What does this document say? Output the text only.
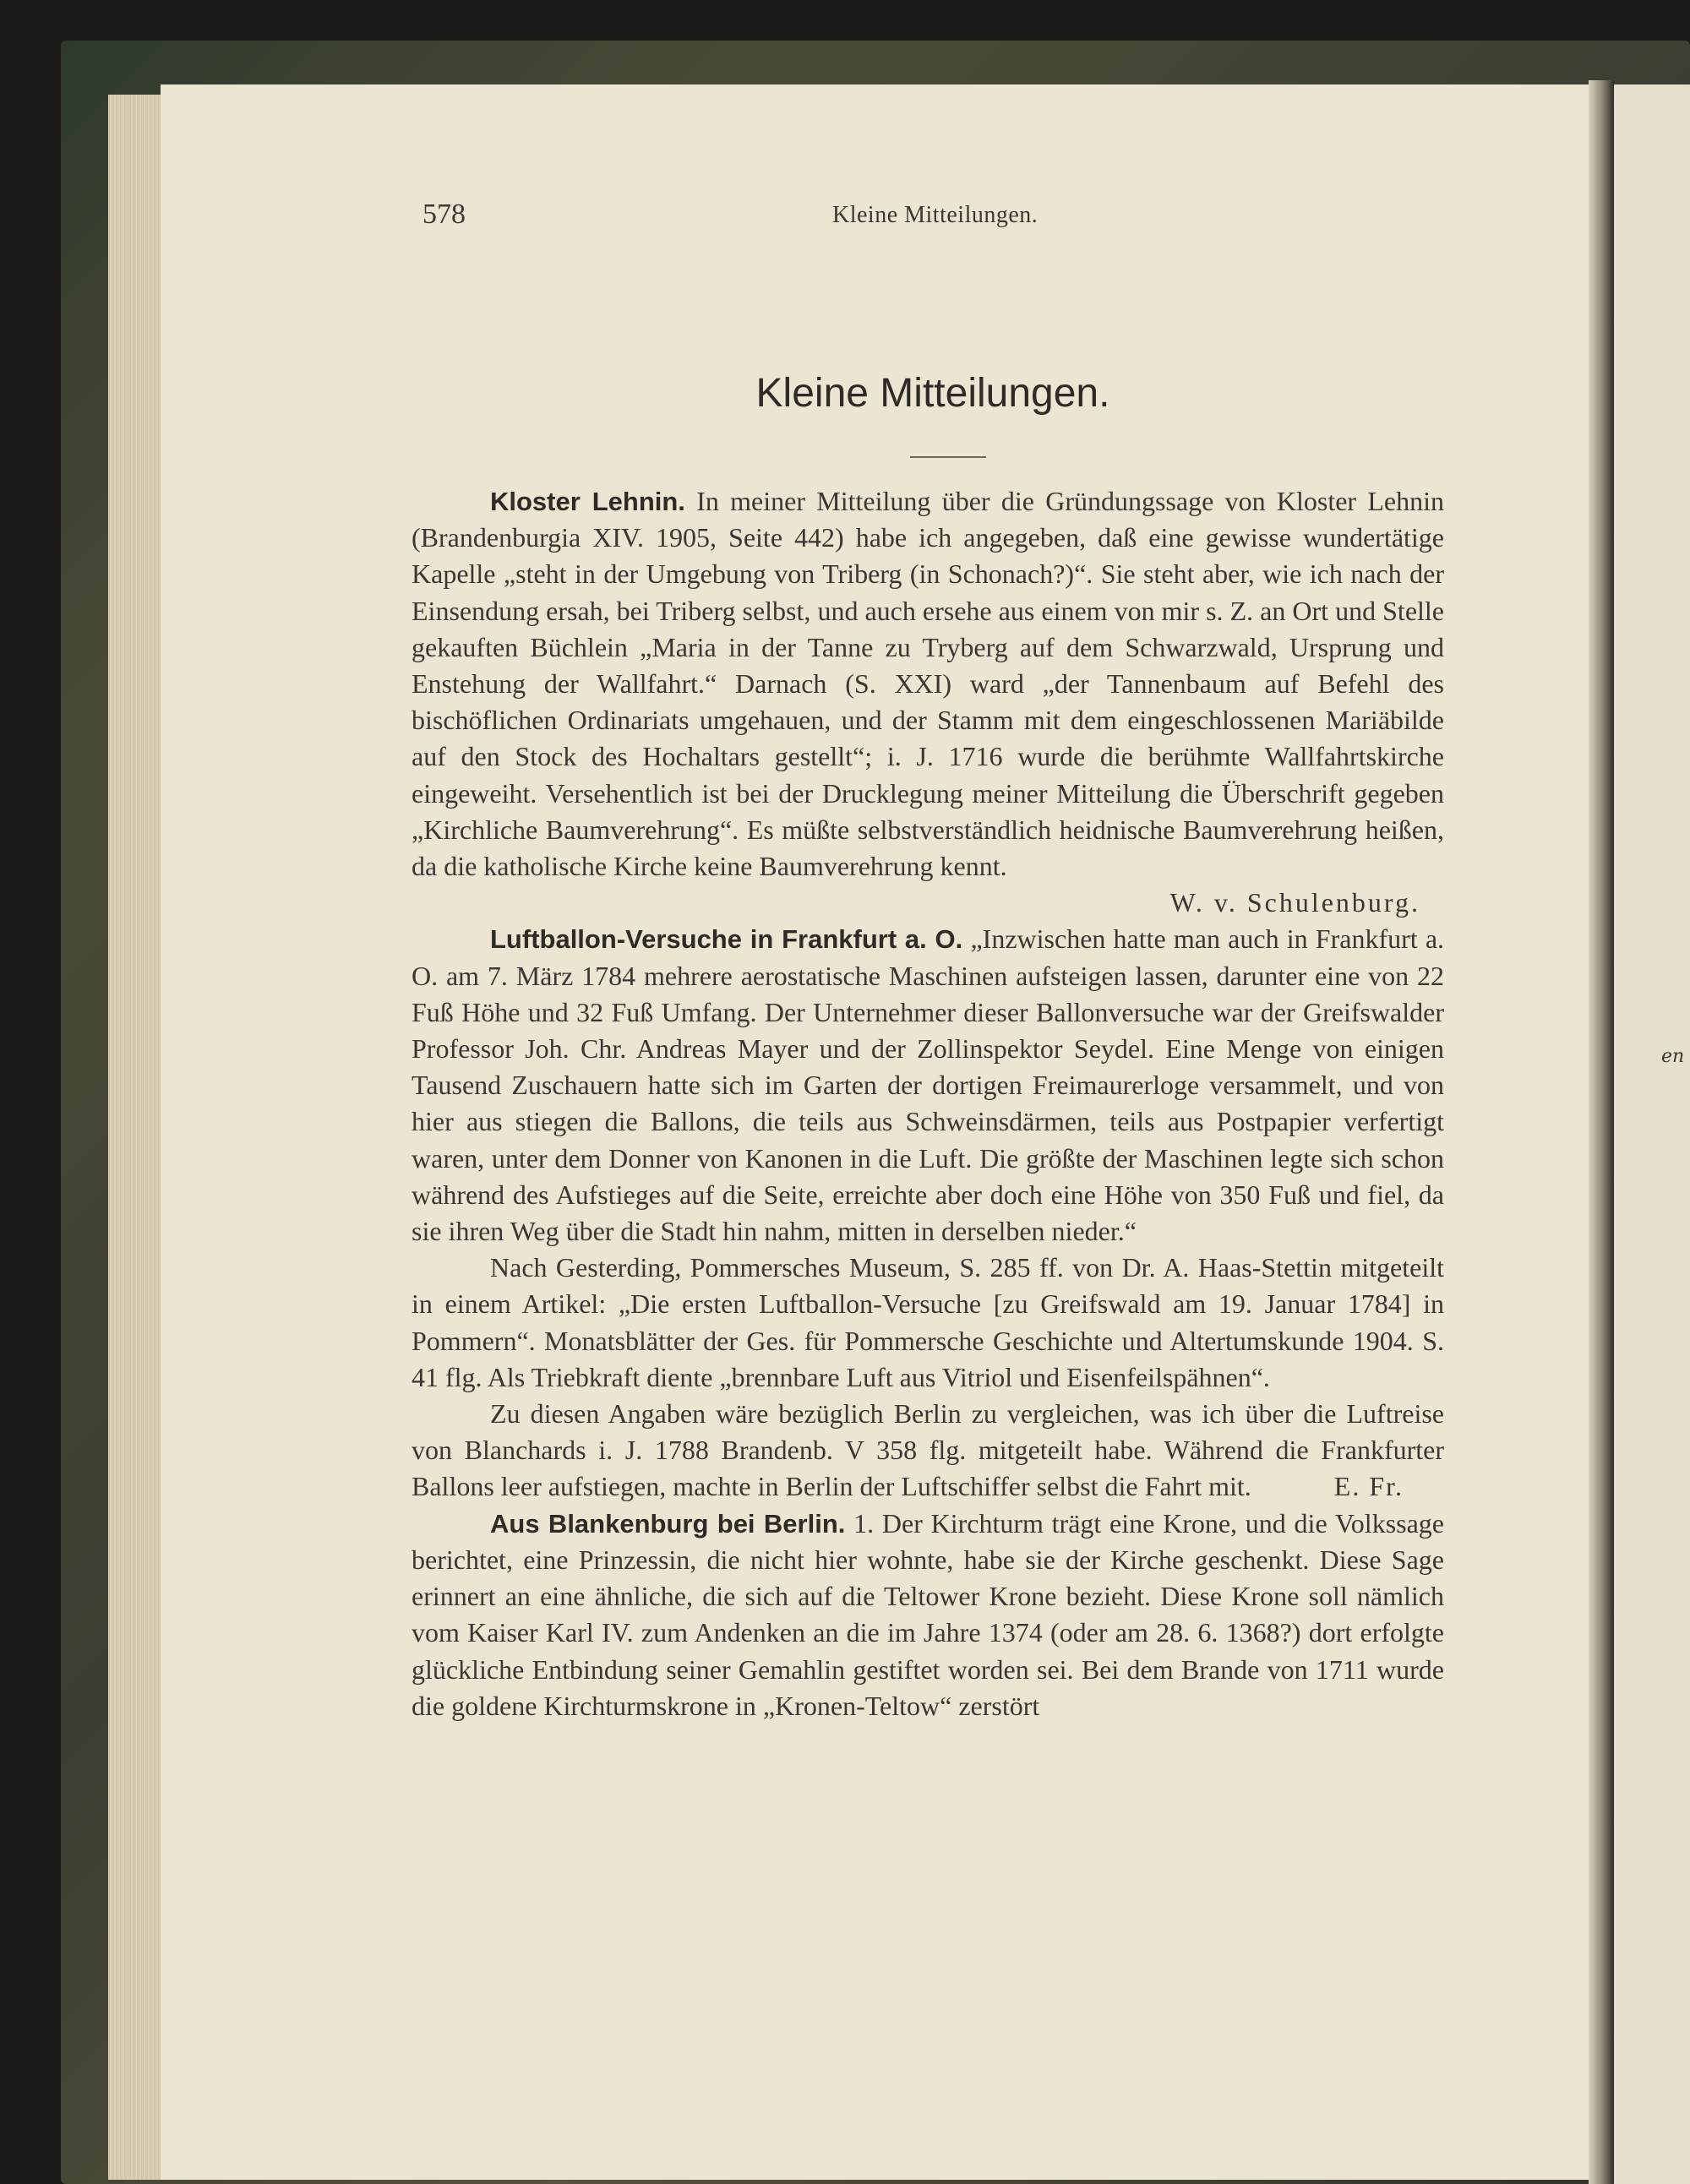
en
578	Kleine Mitteilungen.
Kleine Mitteilungen.

Kloster Lehnin. In meiner Mitteilung über die Gründungssage von Kloster Lehnin (Brandenburgia XIV. 1905, Seite 442) habe ich angegeben, daß eine gewisse wundertätige Kapelle „steht in der Umgebung von Triberg (in Schonach?)“. Sie steht aber, wie ich nach der Einsendung ersah, bei Triberg selbst, und auch ersehe aus einem von mir s. Z. an Ort und Stelle gekauften Büchlein „Maria in der Tanne zu Tryberg auf dem Schwarzwald, Ursprung und Enstehung der Wallfahrt.“ Darnach (S. XXI) ward „der Tannenbaum auf Befehl des bischöflichen Ordinariats umgehauen, und der Stamm mit dem eingeschlossenen Mariäbilde auf den Stock des Hochaltars gestellt“; i. J. 1716 wurde die berühmte Wallfahrtskirche eingeweiht. Versehentlich ist bei der Drucklegung meiner Mitteilung die Überschrift gegeben „Kirchliche Baumverehrung“. Es müßte selbstverständlich heidnische Baumverehrung heißen, da die katholische Kirche keine Baumverehrung kennt.
W. v. Schulenburg.

Luftballon-Versuche in Frankfurt a. O. „Inzwischen hatte man auch in Frankfurt a. O. am 7. März 1784 mehrere aerostatische Maschinen aufsteigen lassen, darunter eine von 22 Fuß Höhe und 32 Fuß Umfang. Der Unternehmer dieser Ballonversuche war der Greifswalder Professor Joh. Chr. Andreas Mayer und der Zollinspektor Seydel. Eine Menge von einigen Tausend Zuschauern hatte sich im Garten der dortigen Freimaurerloge versammelt, und von hier aus stiegen die Ballons, die teils aus Schweinsdärmen, teils aus Postpapier verfertigt waren, unter dem Donner von Kanonen in die Luft. Die größte der Maschinen legte sich schon während des Aufstieges auf die Seite, erreichte aber doch eine Höhe von 350 Fuß und fiel, da sie ihren Weg über die Stadt hin nahm, mitten in derselben nieder.“

Nach Gesterding, Pommersches Museum, S. 285 ff. von Dr. A. Haas-Stettin mitgeteilt in einem Artikel: „Die ersten Luftballon-Versuche [zu Greifswald am 19. Januar 1784] in Pommern“. Monatsblätter der Ges. für Pommersche Geschichte und Altertumskunde 1904. S. 41 flg. Als Triebkraft diente „brennbare Luft aus Vitriol und Eisenfeilspähnen“.

Zu diesen Angaben wäre bezüglich Berlin zu vergleichen, was ich über die Luftreise von Blanchards i. J. 1788 Brandenb. V 358 flg. mitgeteilt habe. Während die Frankfurter Ballons leer aufstiegen, machte in Berlin der Luftschiffer selbst die Fahrt mit.	E. Fr.

Aus Blankenburg bei Berlin. 1. Der Kirchturm trägt eine Krone, und die Volkssage berichtet, eine Prinzessin, die nicht hier wohnte, habe sie der Kirche geschenkt. Diese Sage erinnert an eine ähnliche, die sich auf die Teltower Krone bezieht. Diese Krone soll nämlich vom Kaiser Karl IV. zum Andenken an die im Jahre 1374 (oder am 28. 6. 1368?) dort erfolgte glückliche Entbindung seiner Gemahlin gestiftet worden sei. Bei dem Brande von 1711 wurde die goldene Kirchturmskrone in „Kronen-Teltow“ zerstört
